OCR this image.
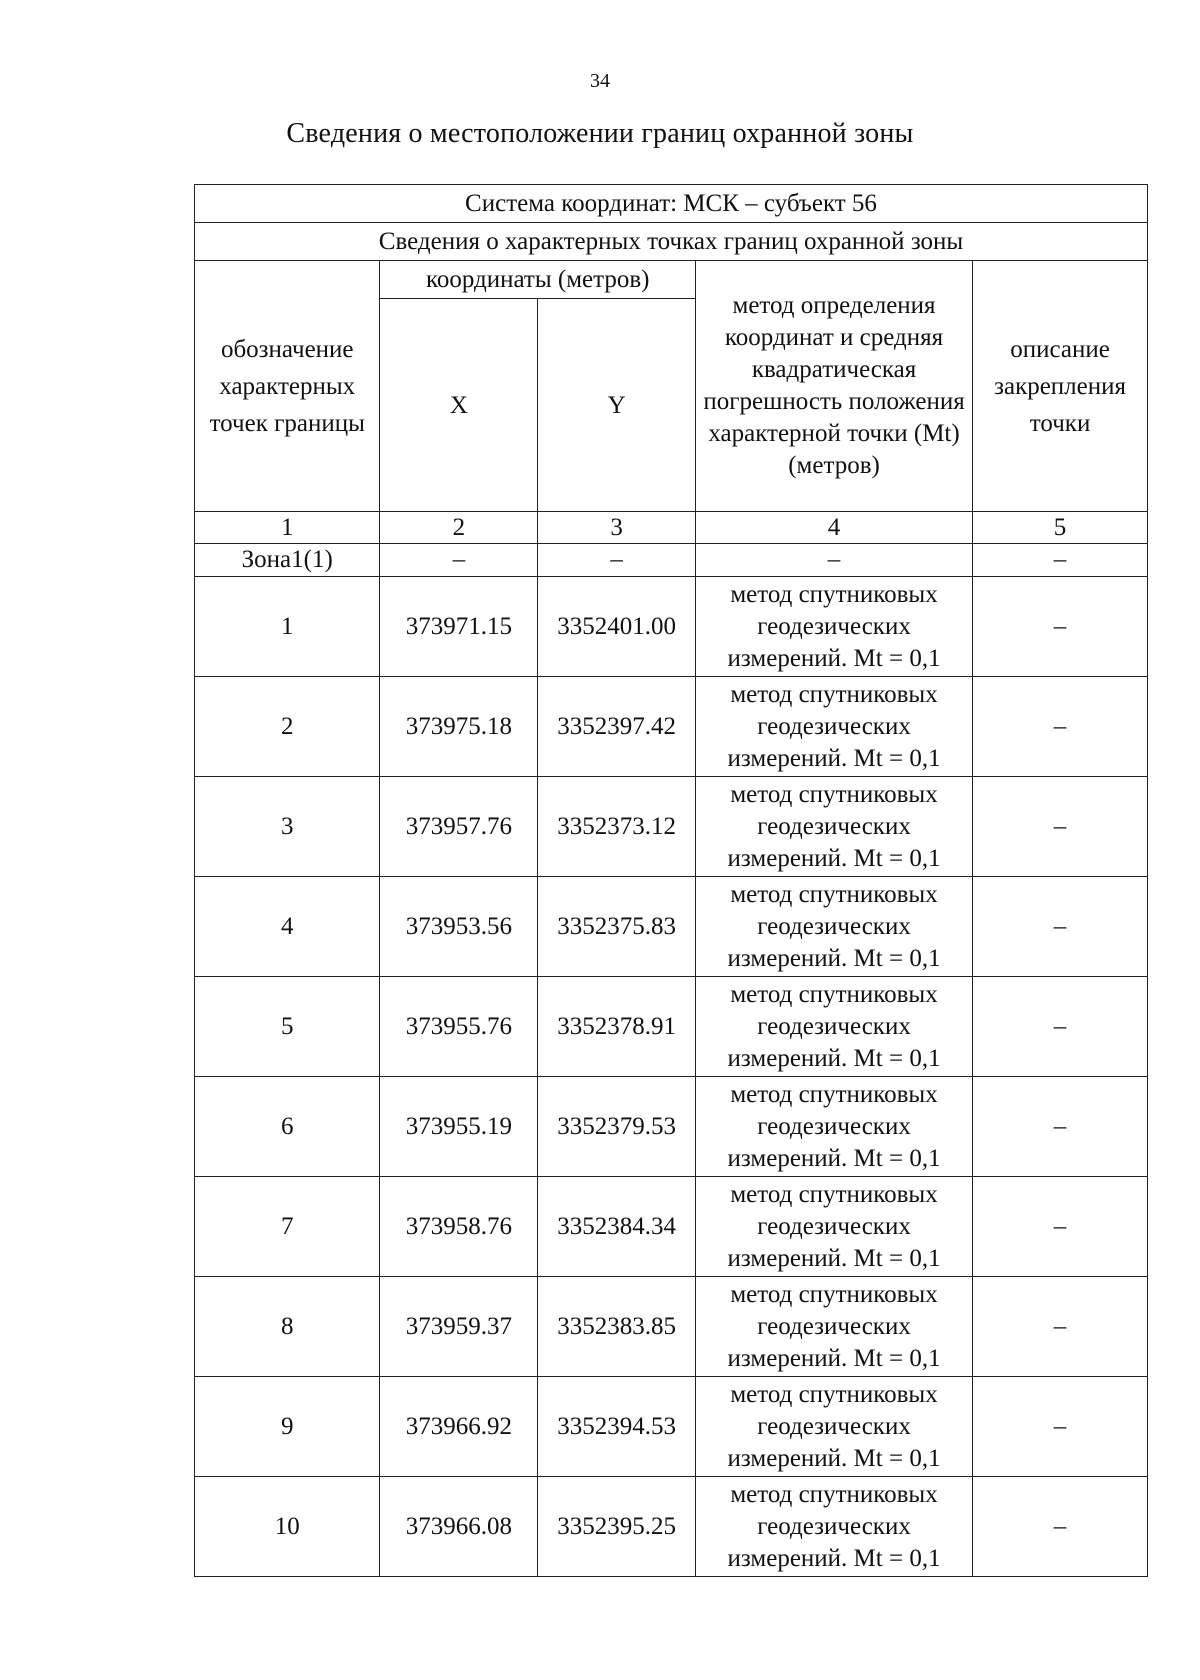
34
Сведения о местоположении границ охранной зоны
Система координат: МСК – субъект 56				
Сведения о характерных точках границ охранной зоны				
обозначение характерных точек границы	координаты (метров)		метод определения координат и средняя квадратическая погрешность положения характерной точки (Mt) (метров)	описание закрепления точки
	X	Y		
1	2	3	4	5
Зона1(1)	–	–	–	–
1	373971.15	3352401.00	метод спутниковых геодезических измерений. Mt = 0,1	–
2	373975.18	3352397.42	метод спутниковых геодезических измерений. Mt = 0,1	–
3	373957.76	3352373.12	метод спутниковых геодезических измерений. Mt = 0,1	–
4	373953.56	3352375.83	метод спутниковых геодезических измерений. Mt = 0,1	–
5	373955.76	3352378.91	метод спутниковых геодезических измерений. Mt = 0,1	–
6	373955.19	3352379.53	метод спутниковых геодезических измерений. Mt = 0,1	–
7	373958.76	3352384.34	метод спутниковых геодезических измерений. Mt = 0,1	–
8	373959.37	3352383.85	метод спутниковых геодезических измерений. Mt = 0,1	–
9	373966.92	3352394.53	метод спутниковых геодезических измерений. Mt = 0,1	–
10	373966.08	3352395.25	метод спутниковых геодезических измерений. Mt = 0,1	–
